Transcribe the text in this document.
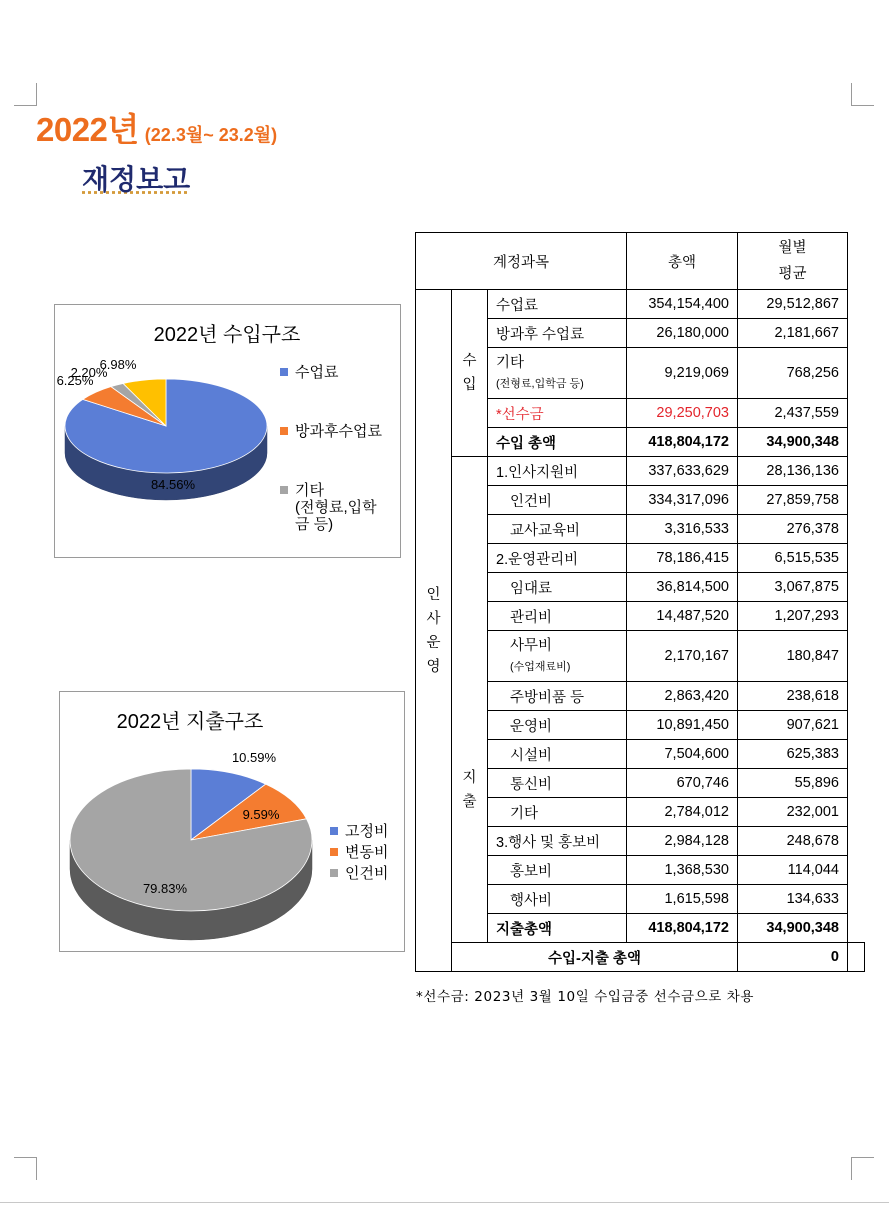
2022년 (22.3월~ 23.2월)
재정보고
2022년 수입구조
84.56%
6.25%
2.20%
6.98%	수업료
방과후수업료
기타 (전형료,입학 금 등)
2022년 지출구조
10.59%
9.59%
79.83%
고정비
변동비
인건비
계정과목			총액	월별
평균	
인사운영	수입	수업료	354,154,400	29,512,867	
		방과후 수업료	26,180,000	2,181,667	
		기타
(전형료,입학금 등)	9,219,069	768,256	
		*선수금	29,250,703	2,437,559	
		수입 총액	418,804,172	34,900,348	
	지출	1.인사지원비	337,633,629	28,136,136	
		인건비	334,317,096	27,859,758	
		교사교육비	3,316,533	276,378	
		2.운영관리비	78,186,415	6,515,535	
		임대료	36,814,500	3,067,875	
		관리비	14,487,520	1,207,293	
		사무비
(수업재료비)	2,170,167	180,847	
		주방비품 등	2,863,420	238,618	
		운영비	10,891,450	907,621	
		시설비	7,504,600	625,383	
		통신비	670,746	55,896	
		기타	2,784,012	232,001	
		3.행사 및 홍보비	2,984,128	248,678	
		홍보비	1,368,530	114,044	
		행사비	1,615,598	134,633	
		지출총액	418,804,172	34,900,348	
	수입-지출 총액			0	
*선수금: 2023년 3월 10일 수입금중 선수금으로 차용
